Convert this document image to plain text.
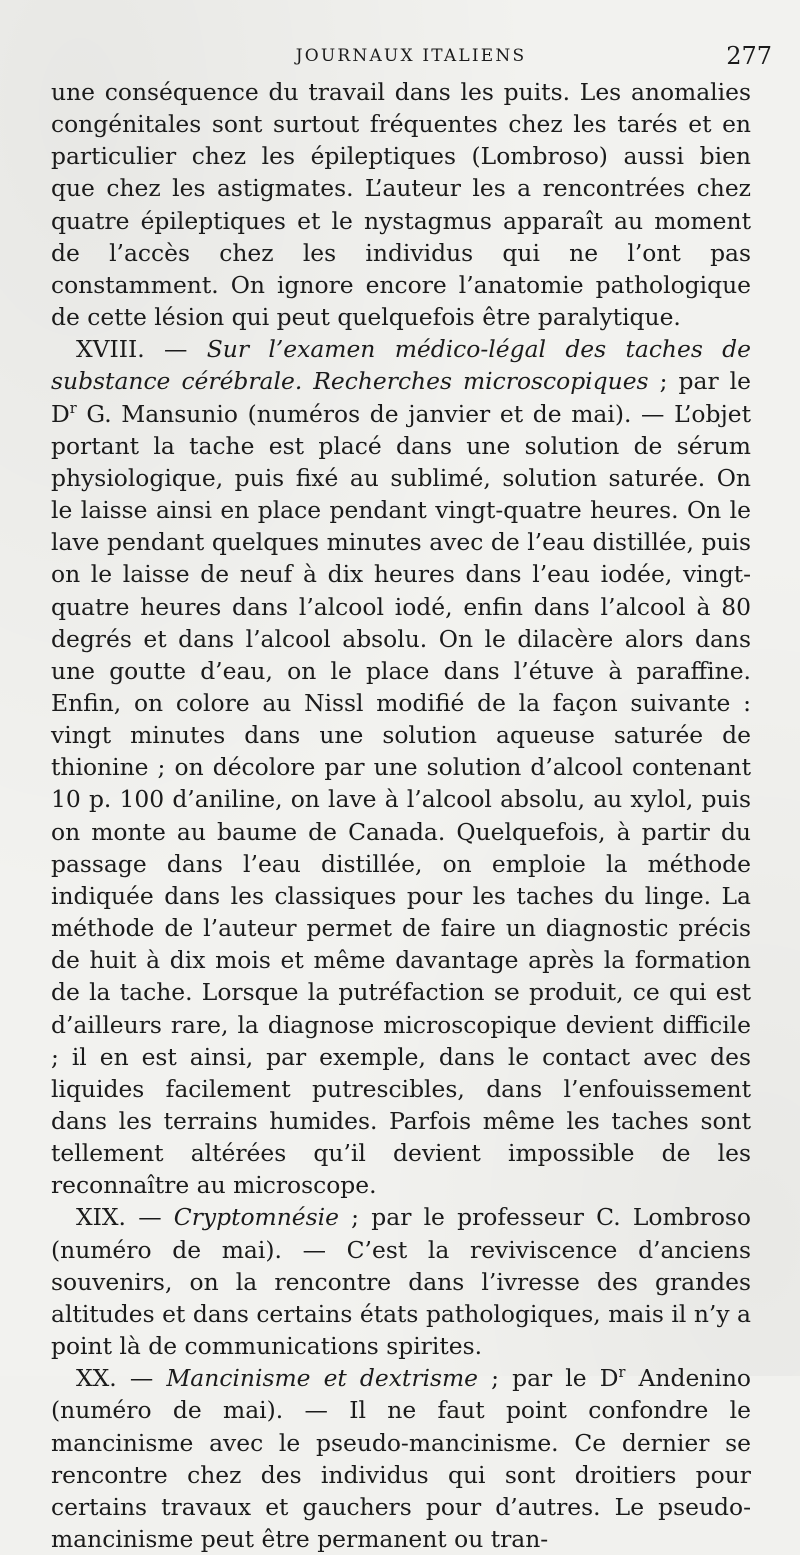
JOURNAUX ITALIENS	277

une conséquence du travail dans les puits. Les anomalies congénitales sont surtout fréquentes chez les tarés et en particulier chez les épileptiques (Lombroso) aussi bien que chez les astigmates. L’auteur les a rencontrées chez quatre épileptiques et le nystagmus apparaît au moment de l’accès chez les individus qui ne l’ont pas constamment. On ignore encore l’anatomie pathologique de cette lésion qui peut quelquefois être paralytique.

XVIII. — Sur l’examen médico-légal des taches de substance cérébrale. Recherches microscopiques ; par le $D^r$ G. Mansunio (numéros de janvier et de mai). — L’objet portant la tache est placé dans une solution de sérum physiologique, puis fixé au sublimé, solution saturée. On le laisse ainsi en place pendant vingt-quatre heures. On le lave pendant quelques minutes avec de l’eau distillée, puis on le laisse de neuf à dix heures dans l’eau iodée, vingt-quatre heures dans l’alcool iodé, enfin dans l’alcool à 80 degrés et dans l’alcool absolu. On le dilacère alors dans une goutte d’eau, on le place dans l’étuve à paraffine. Enfin, on colore au Nissl modifié de la façon suivante : vingt minutes dans une solution aqueuse saturée de thionine ; on décolore par une solution d’alcool contenant 10 p. 100 d’aniline, on lave à l’alcool absolu, au xylol, puis on monte au baume de Canada. Quelquefois, à partir du passage dans l’eau distillée, on emploie la méthode indiquée dans les classiques pour les taches du linge. La méthode de l’auteur permet de faire un diagnostic précis de huit à dix mois et même davantage après la formation de la tache. Lorsque la putréfaction se produit, ce qui est d’ailleurs rare, la diagnose microscopique devient difficile ; il en est ainsi, par exemple, dans le contact avec des liquides facilement putrescibles, dans l’enfouissement dans les terrains humides. Parfois même les taches sont tellement altérées qu’il devient impossible de les reconnaître au microscope.

XIX. — Cryptomnésie ; par le professeur C. Lombroso (numéro de mai). — C’est la reviviscence d’anciens souvenirs, on la rencontre dans l’ivresse des grandes altitudes et dans certains états pathologiques, mais il n’y a point là de communications spirites.

XX. — Mancinisme et dextrisme ; par le $D^r$ Andenino (numéro de mai). — Il ne faut point confondre le mancinisme avec le pseudo-mancinisme. Ce dernier se rencontre chez des individus qui sont droitiers pour certains travaux et gauchers pour d’autres. Le pseudo-mancinisme peut être permanent ou tran-
